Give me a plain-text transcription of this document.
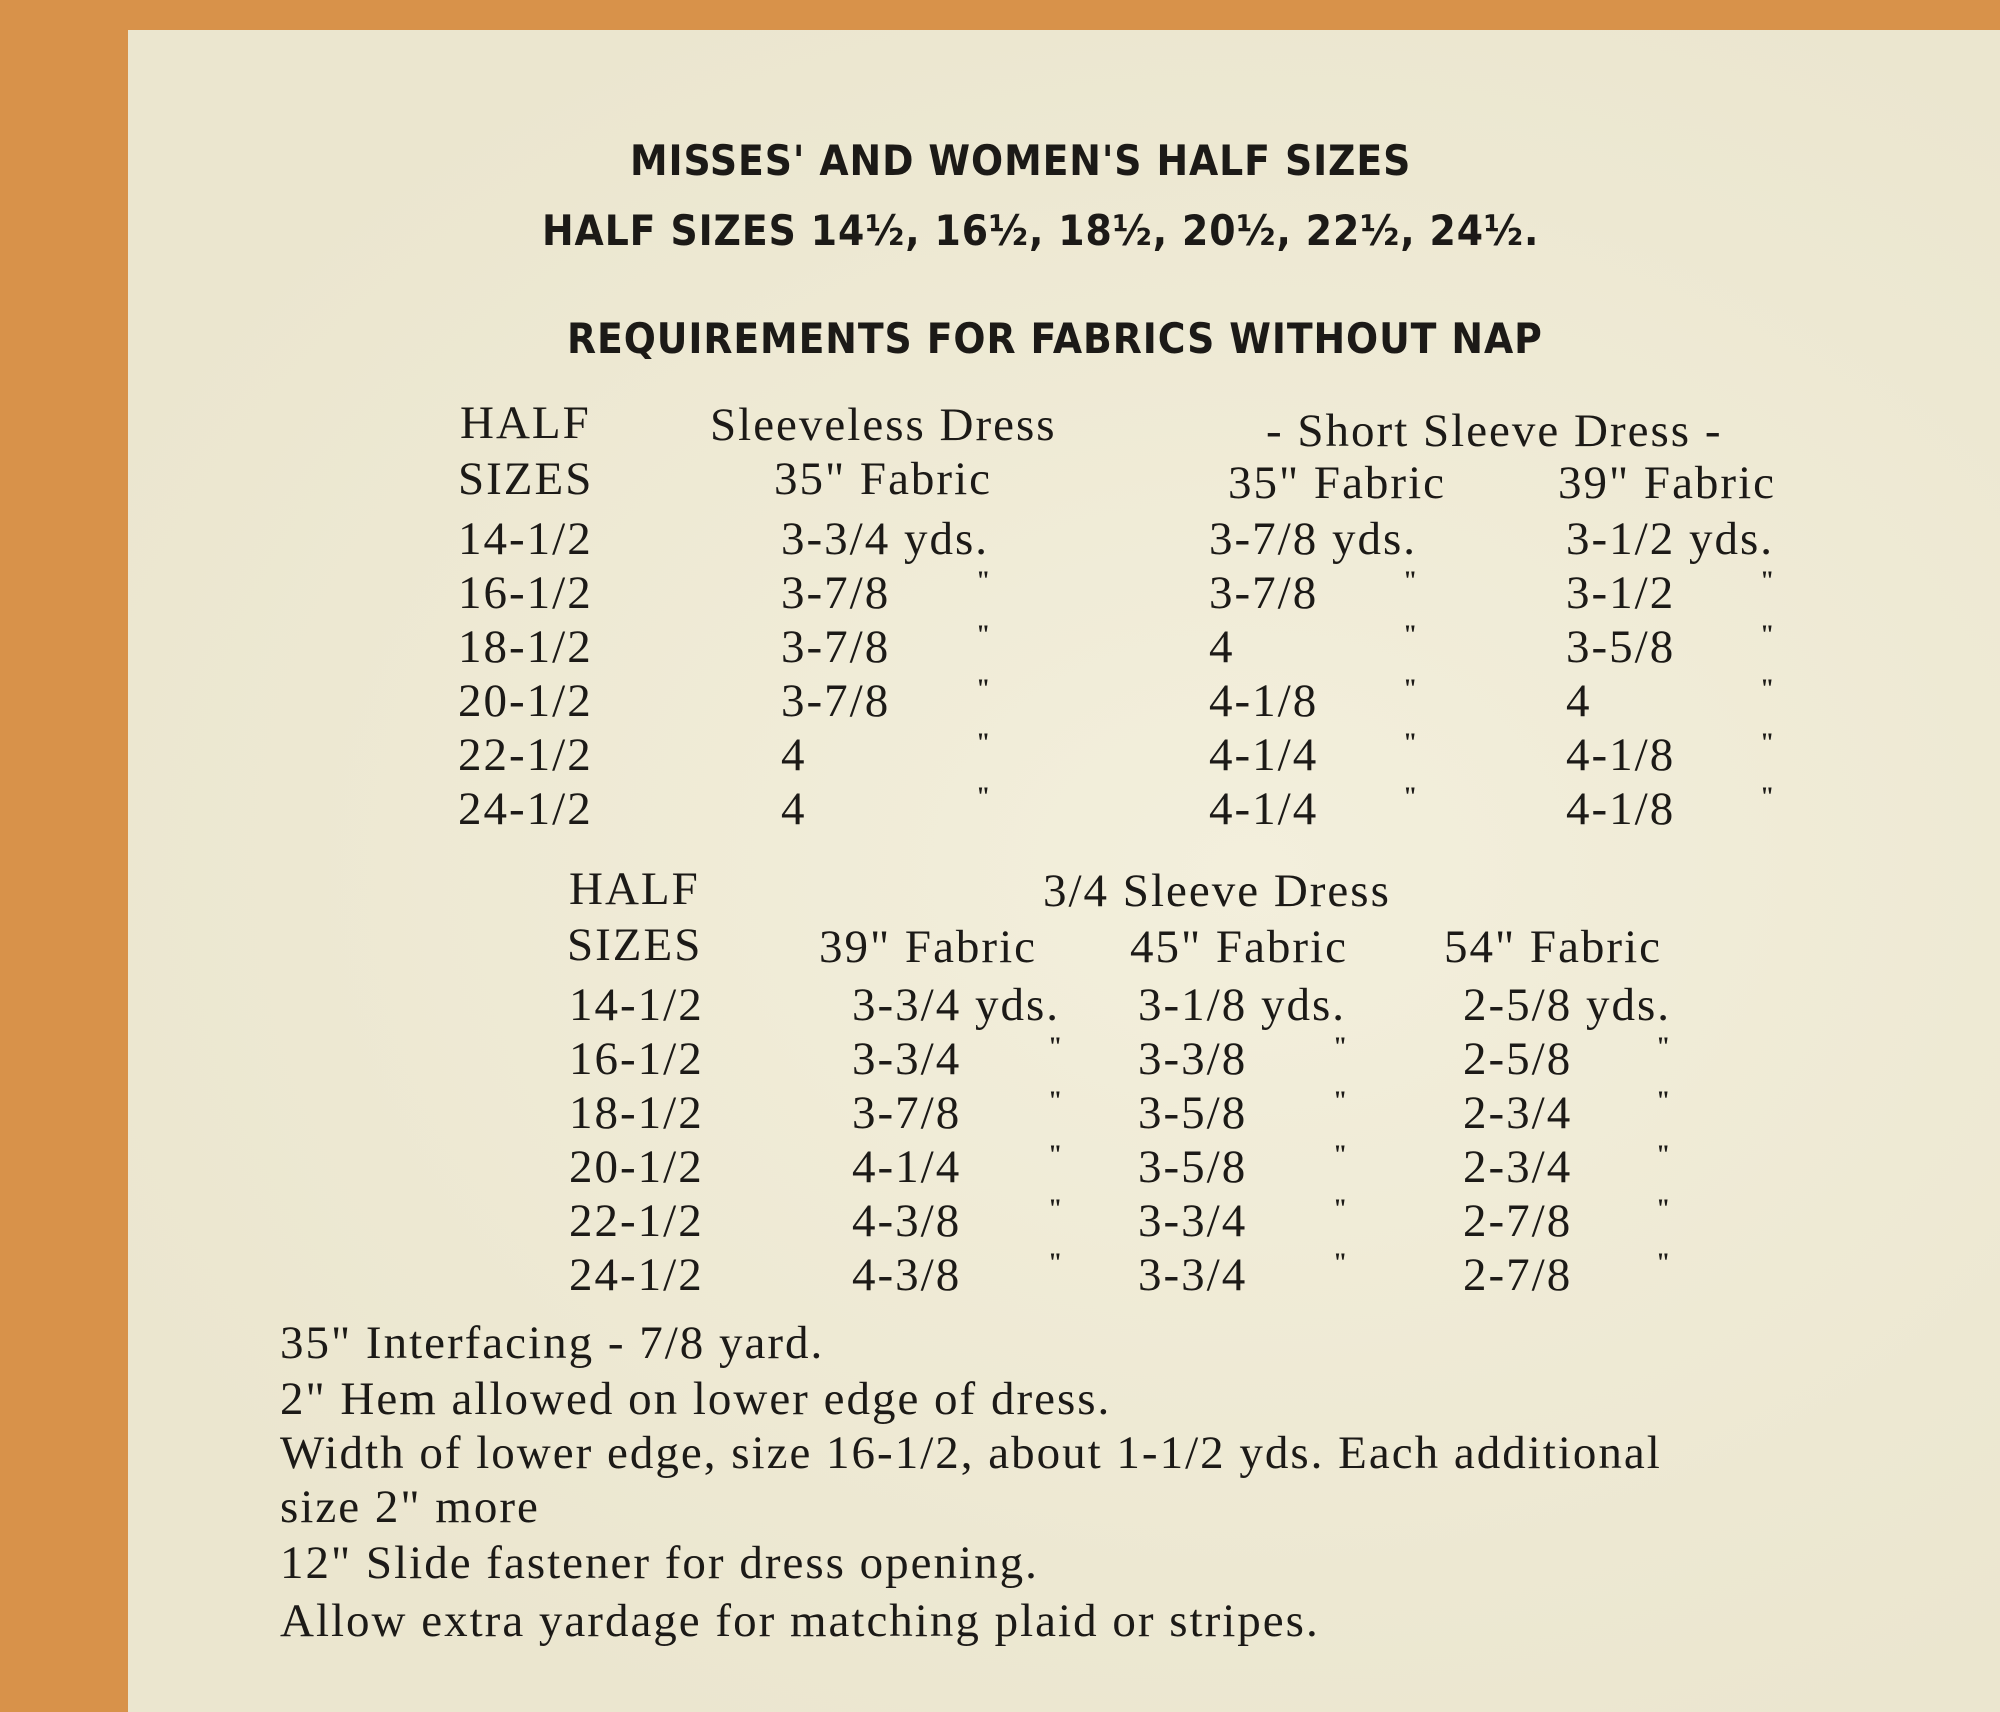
MISSES' AND WOMEN'S HALF SIZES
HALF SIZES 14½, 16½, 18½, 20½, 22½, 24½.
REQUIREMENTS FOR FABRICS WITHOUT NAP
HALF
SIZES
Sleeveless Dress	- Short Sleeve Dress -
35" Fabric	35" Fabric 39" Fabric
14-1/2	3-3/4 yds.	3-7/8 yds.	3-1/2 yds.
16-1/2	3-7/8	"	3-7/8	"	3-1/2	"
18-1/2	3-7/8	"	4	"	3-5/8	"
20-1/2	3-7/8	"	4-1/8	"	4	"
22-1/2	4	"	4-1/4	"	4-1/8	"
24-1/2	4	"	4-1/4	"	4-1/8	"
HALF
SIZES
3/4 Sleeve Dress
39" Fabric 45" Fabric 54" Fabric
14-1/2	3-3/4 yds. 3-1/8 yds. 2-5/8 yds.
16-1/2	3-3/4	" 3-3/8	" 2-5/8	"
18-1/2	3-7/8	" 3-5/8	" 2-3/4	"
20-1/2	4-1/4	" 3-5/8	" 2-3/4	"
22-1/2	4-3/8	" 3-3/4	" 2-7/8	"
24-1/2	4-3/8	" 3-3/4	" 2-7/8	"
35" Interfacing - 7/8 yard.
2" Hem allowed on lower edge of dress.
Width of lower edge, size 16-1/2, about 1-1/2 yds. Each additional
size 2" more
12" Slide fastener for dress opening.
Allow extra yardage for matching plaid or stripes.
